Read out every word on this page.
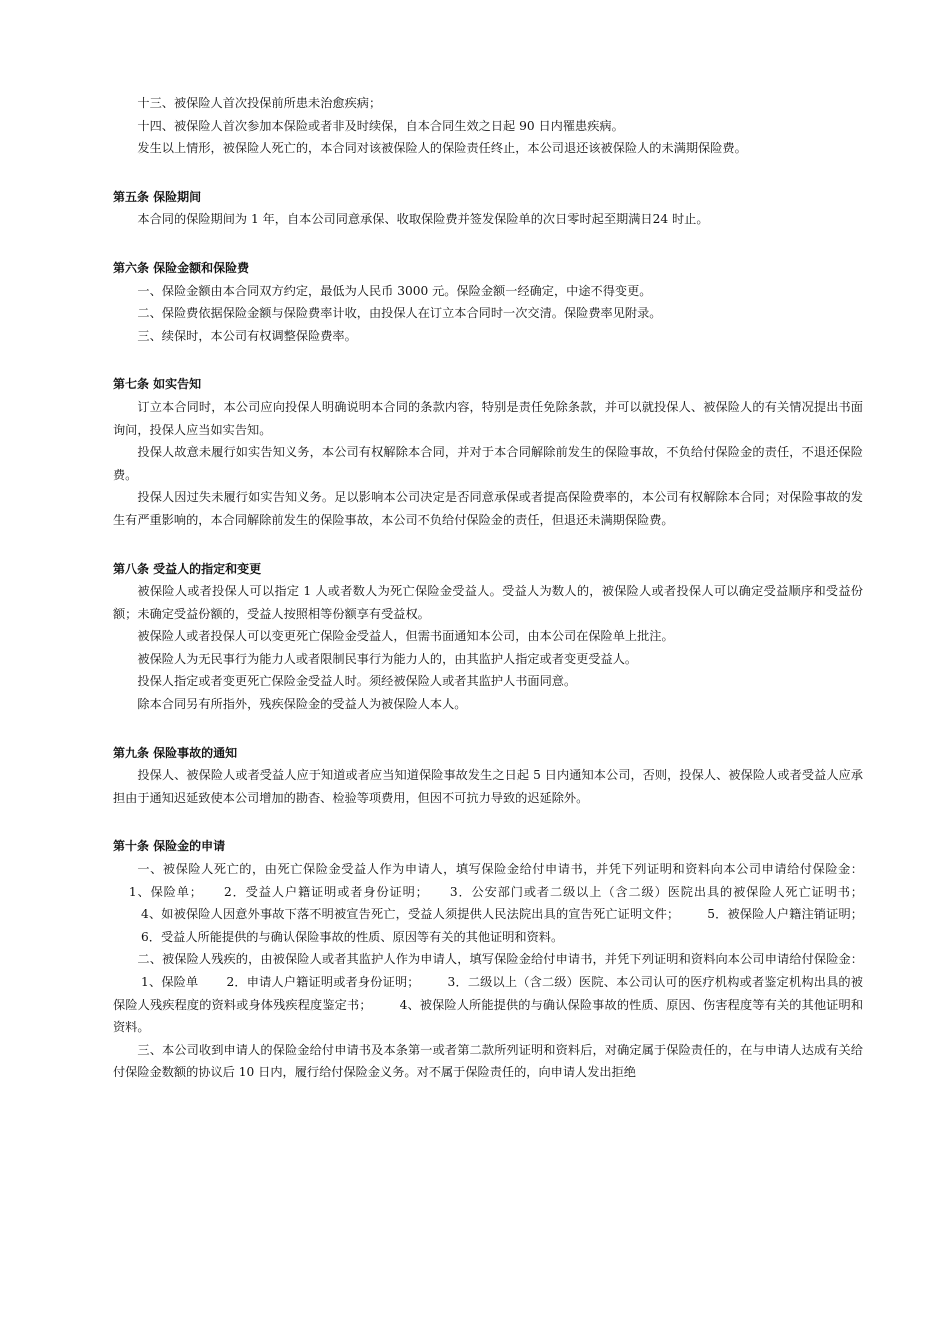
十三、被保险人首次投保前所患未治愈疾病；

十四、被保险人首次参加本保险或者非及时续保，自本合同生效之日起 90 日内罹患疾病。

发生以上情形，被保险人死亡的，本合同对该被保险人的保险责任终止，本公司退还该被保险人的未满期保险费。

第五条 保险期间

本合同的保险期间为 1 年，自本公司同意承保、收取保险费并签发保险单的次日零时起至期满日24 时止。

第六条 保险金额和保险费

一、保险金额由本合同双方约定，最低为人民币 3000 元。保险金额一经确定，中途不得变更。

二、保险费依据保险金额与保险费率计收，由投保人在订立本合同时一次交清。保险费率见附录。

三、续保时，本公司有权调整保险费率。

第七条 如实告知

订立本合同时，本公司应向投保人明确说明本合同的条款内容，特别是责任免除条款，并可以就投保人、被保险人的有关情况提出书面询问，投保人应当如实告知。

投保人故意未履行如实告知义务，本公司有权解除本合同，并对于本合同解除前发生的保险事故，不负给付保险金的责任，不退还保险费。

投保人因过失未履行如实告知义务。足以影响本公司决定是否同意承保或者提高保险费率的，本公司有权解除本合同；对保险事故的发生有严重影响的，本合同解除前发生的保险事故，本公司不负给付保险金的责任，但退还未满期保险费。

第八条 受益人的指定和变更

被保险人或者投保人可以指定 1 人或者数人为死亡保险金受益人。受益人为数人的，被保险人或者投保人可以确定受益顺序和受益份额；未确定受益份额的，受益人按照相等份额享有受益权。

被保险人或者投保人可以变更死亡保险金受益人，但需书面通知本公司，由本公司在保险单上批注。

被保险人为无民事行为能力人或者限制民事行为能力人的，由其监护人指定或者变更受益人。

投保人指定或者变更死亡保险金受益人时。须经被保险人或者其监护人书面同意。

除本合同另有所指外，残疾保险金的受益人为被保险人本人。

第九条 保险事故的通知

投保人、被保险人或者受益人应于知道或者应当知道保险事故发生之日起 5 日内通知本公司，否则，投保人、被保险人或者受益人应承担由于通知迟延致使本公司增加的勘杳、检验等项费用，但因不可抗力导致的迟延除外。

第十条 保险金的申请

一、被保险人死亡的，由死亡保险金受益人作为申请人，填写保险金给付申请书，并凭下列证明和资料向本公司申请给付保险金：1、保险单； 2．受益人户籍证明或者身份证明； 3．公安部门或者二级以上（含二级）医院出具的被保险人死亡证明书；4、如被保险人因意外事故下落不明被宣告死亡，受益人须提供人民法院出具的宣告死亡证明文件； 5．被保险人户籍注销证明；6．受益人所能提供的与确认保险事故的性质、原因等有关的其他证明和资料。

二、被保险人残疾的，由被保险人或者其监护人作为申请人，填写保险金给付申请书，并凭下列证明和资料向本公司申请给付保险金：1、保险单 2．申请人户籍证明或者身份证明； 3．二级以上（含二级）医院、本公司认可的医疗机构或者鉴定机构出具的被保险人残疾程度的资料或身体残疾程度鉴定书； 4、被保险人所能提供的与确认保险事故的性质、原因、伤害程度等有关的其他证明和资料。

三、本公司收到申请人的保险金给付申请书及本条第一或者第二款所列证明和资料后，对确定属于保险责任的，在与申请人达成有关给付保险金数额的协议后 10 日内，履行给付保险金义务。对不属于保险责任的，向申请人发出拒绝
